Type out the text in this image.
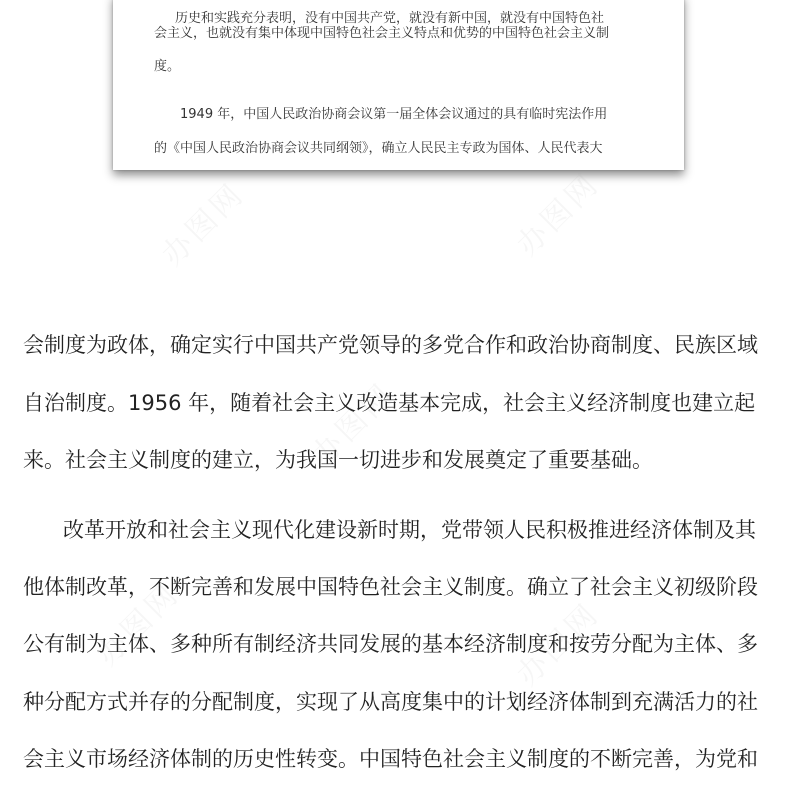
历史和实践充分表明，没有中国共产党，就没有新中国，就没有中国特色社
会主义，也就没有集中体现中国特色社会主义特点和优势的中国特色社会主义制
度。
1949 年，中国人民政治协商会议第一届全体会议通过的具有临时宪法作用
的《中国人民政治协商会议共同纲领》，确立人民民主专政为国体、人民代表大
会制度为政体，确定实行中国共产党领导的多党合作和政治协商制度、民族区域
自治制度。1956 年，随着社会主义改造基本完成，社会主义经济制度也建立起
来。社会主义制度的建立，为我国一切进步和发展奠定了重要基础。
改革开放和社会主义现代化建设新时期，党带领人民积极推进经济体制及其
他体制改革，不断完善和发展中国特色社会主义制度。确立了社会主义初级阶段
公有制为主体、多种所有制经济共同发展的基本经济制度和按劳分配为主体、多
种分配方式并存的分配制度，实现了从高度集中的计划经济体制到充满活力的社
会主义市场经济体制的历史性转变。中国特色社会主义制度的不断完善，为党和
办图网	办图网
办图网
办图网
办图网
